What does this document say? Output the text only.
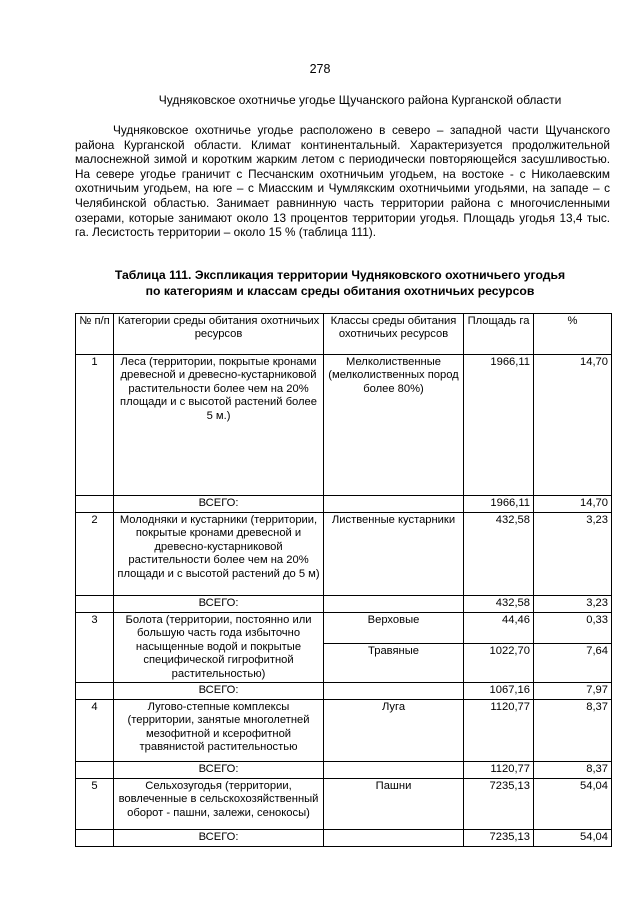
278
Чудняковское охотничье угодье Щучанского района Курганской области

Чудняковское охотничье угодье расположено в северо – западной части Щучанского района Курганской области. Климат континентальный. Характеризуется продолжительной малоснежной зимой и коротким жарким летом с периодически повторяющейся засушливостью. На севере угодье граничит с Песчанским охотничьим угодьем, на востоке - с Николаевским охотничьим угодьем, на юге – с Миасским и Чумлякским охотничьими угодьями, на западе – с Челябинской областью. Занимает равнинную часть территории района с многочисленными озерами, которые занимают около 13 процентов территории угодья. Площадь угодья 13,4 тыс. га. Лесистость территории – около 15 % (таблица 111).

Таблица 111. Экспликация территории Чудняковского охотничьего угодья
по категориям и классам среды обитания охотничьих ресурсов
№ п/п	Категории среды обитания охотничьих ресурсов	Классы среды обитания охотничьих ресурсов	Площадь га	%
1	Леса (территории, покрытые кронами древесной и древесно-кустарниковой растительности более чем на 20% площади и с высотой растений более 5 м.)	Мелколиственные (мелколиственных пород более 80%)	1966,11	14,70
	ВСЕГО:		1966,11	14,70
2	Молодняки и кустарники (территории, покрытые кронами древесной и древесно-кустарниковой растительности более чем на 20% площади и с высотой растений до 5 м)	Лиственные кустарники	432,58	3,23
	ВСЕГО:		432,58	3,23
3	Болота (территории, постоянно или большую часть года избыточно насыщенные водой и покрытые специфической гигрофитной растительностью)	Верховые	44,46	0,33
		Травяные	1022,70	7,64
	ВСЕГО:		1067,16	7,97
4	Лугово-степные комплексы (территории, занятые многолетней мезофитной и ксерофитной травянистой растительностью	Луга	1120,77	8,37
	ВСЕГО:		1120,77	8,37
5	Сельхозугодья (территории, вовлеченные в сельскохозяйственный оборот - пашни, залежи, сенокосы)	Пашни	7235,13	54,04
	ВСЕГО:		7235,13	54,04
